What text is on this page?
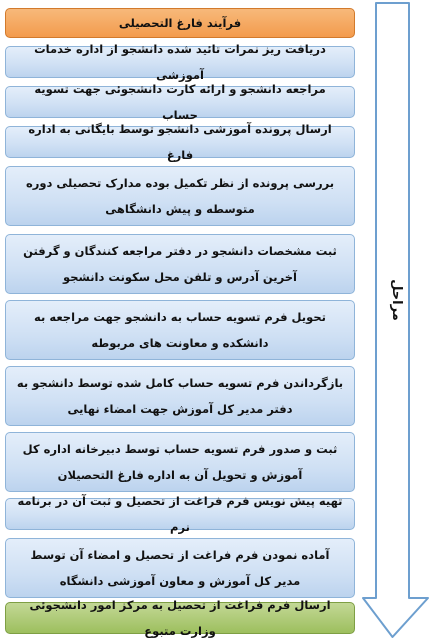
فرآیند فارغ التحصیلی
دریافت ریز نمرات تائید شده دانشجو از اداره خدمات آموزشی
مراجعه دانشجو و ارائه کارت دانشجوئی جهت تسویه حساب
ارسال پرونده آموزشی دانشجو توسط بایگانی به اداره فارغ
بررسی پرونده از نظر تکمیل بوده مدارک تحصیلی دوره متوسطه و پیش دانشگاهی
ثبت مشخصات دانشجو در دفتر مراجعه کنندگان و گرفتن آخرین آدرس و تلفن محل سکونت دانشجو
تحویل فرم تسویه حساب به دانشجو جهت مراجعه به دانشکده و معاونت های مربوطه
بازگرداندن فرم تسویه حساب کامل شده توسط دانشجو به دفتر مدیر کل آموزش جهت امضاء نهایی
ثبت و صدور فرم تسویه حساب توسط دبیرخانه اداره کل آموزش و تحویل آن به اداره فارغ التحصیلان
تهیه پیش نویس فرم فراغت از تحصیل و ثبت آن در برنامه نرم
آماده نمودن فرم فراغت از تحصیل و امضاء آن توسط مدیر کل آموزش و معاون آموزشی دانشگاه
ارسال فرم فراغت از تحصیل به مرکز امور دانشجوئی وزارت متبوع
مراحل
